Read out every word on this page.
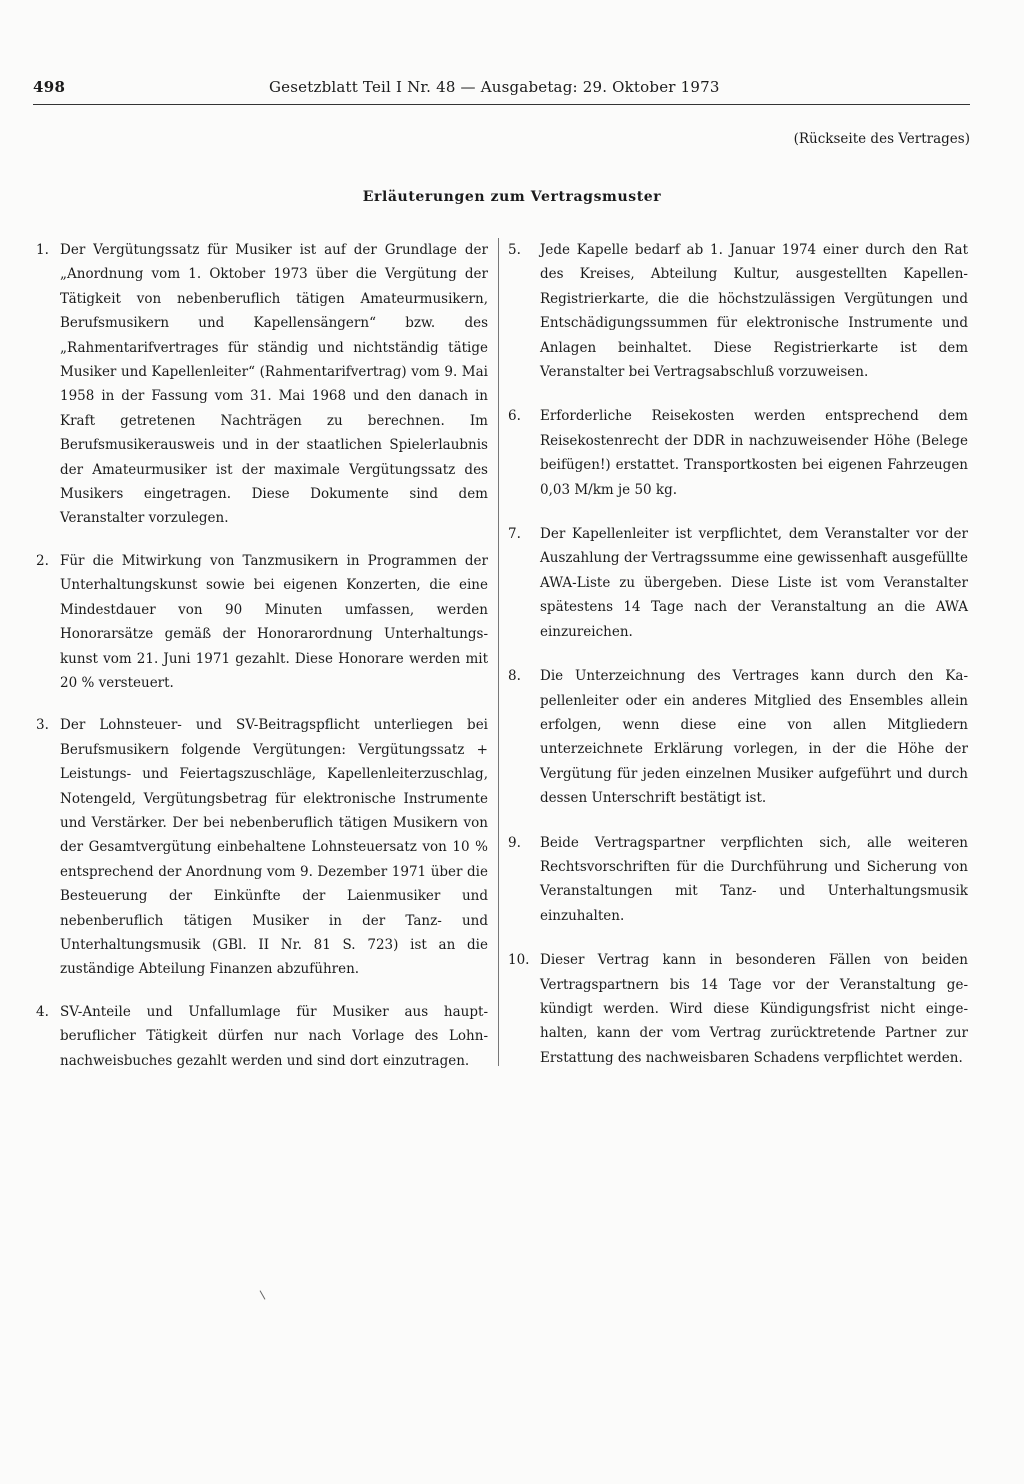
498	Gesetzblatt Teil I Nr. 48 — Ausgabetag: 29. Oktober 1973
(Rückseite des Vertrages)
Erläuterungen zum Vertragsmuster
1. Der Vergütungssatz für Musiker ist auf der Grundlage der „Anordnung vom 1. Oktober 1973 über die Vergütung der Tätigkeit von nebenberuflich tätigen Amateurmusikern, Berufsmusikern und Kapellensängern“ bzw. des „Rahmentarifvertrages für ständig und nichtständig tätige Musiker und Kapellenleiter“ (Rahmentarifvertrag) vom 9. Mai 1958 in der Fassung vom 31. Mai 1968 und den danach in Kraft getretenen Nachträgen zu berechnen. Im Berufsmusikerausweis und in der staatlichen Spielerlaubnis der Amateurmusiker ist der maximale Vergütungssatz des Musikers eingetragen. Diese Dokumente sind dem Veranstalter vorzulegen.
2. Für die Mitwirkung von Tanzmusikern in Programmen der Unterhaltungskunst sowie bei eigenen Konzerten, die eine Mindestdauer von 90 Minuten umfassen, werden Honorarsätze gemäß der Honorarordnung Unterhaltungskunst vom 21. Juni 1971 gezahlt. Diese Honorare werden mit 20 % versteuert.
3. Der Lohnsteuer- und SV-Beitragspflicht unterliegen bei Berufsmusikern folgende Vergütungen: Vergütungssatz + Leistungs- und Feiertagszuschläge, Kapellenleiterzuschlag, Notengeld, Vergütungsbetrag für elektronische Instrumente und Verstärker. Der bei nebenberuflich tätigen Musikern von der Gesamtvergütung einbehaltene Lohnsteuersatz von 10 % entsprechend der Anordnung vom 9. Dezember 1971 über die Besteuerung der Einkünfte der Laienmusiker und nebenberuflich tätigen Musiker in der Tanz- und Unterhaltungsmusik (GBl. II Nr. 81 S. 723) ist an die zuständige Abteilung Finanzen abzuführen.
4. SV-Anteile und Unfallumlage für Musiker aus hauptberuflicher Tätigkeit dürfen nur nach Vorlage des Lohnnachweisbuches gezahlt werden und sind dort einzutragen.
5.	Jede Kapelle bedarf ab 1. Januar 1974 einer durch den Rat des Kreises, Abteilung Kultur, ausgestellten Kapellen-Registrierkarte, die die höchstzulässigen Vergütungen und Entschädigungssummen für elektronische Instrumente und Anlagen beinhaltet. Diese Registrierkarte ist dem Veranstalter bei Vertragsabschluß vorzuweisen.
6.	Erforderliche Reisekosten werden entsprechend dem Reisekostenrecht der DDR in nachzuweisender Höhe (Belege beifügen!) erstattet. Transportkosten bei eigenen Fahrzeugen 0,03 M/km je 50 kg.
7.	Der Kapellenleiter ist verpflichtet, dem Veranstalter vor der Auszahlung der Vertragssumme eine gewissenhaft ausgefüllte AWA-Liste zu übergeben. Diese Liste ist vom Veranstalter spätestens 14 Tage nach der Veranstaltung an die AWA einzureichen.
8.	Die Unterzeichnung des Vertrages kann durch den Kapellenleiter oder ein anderes Mitglied des Ensembles allein erfolgen, wenn diese eine von allen Mitgliedern unterzeichnete Erklärung vorlegen, in der die Höhe der Vergütung für jeden einzelnen Musiker aufgeführt und durch dessen Unterschrift bestätigt ist.
9.	Beide Vertragspartner verpflichten sich, alle weiteren Rechtsvorschriften für die Durchführung und Sicherung von Veranstaltungen mit Tanz- und Unterhaltungsmusik einzuhalten.
10. Dieser Vertrag kann in besonderen Fällen von beiden Vertragspartnern bis 14 Tage vor der Veranstaltung gekündigt werden. Wird diese Kündigungsfrist nicht eingehalten, kann der vom Vertrag zurücktretende Partner zur Erstattung des nachweisbaren Schadens verpflichtet werden.
